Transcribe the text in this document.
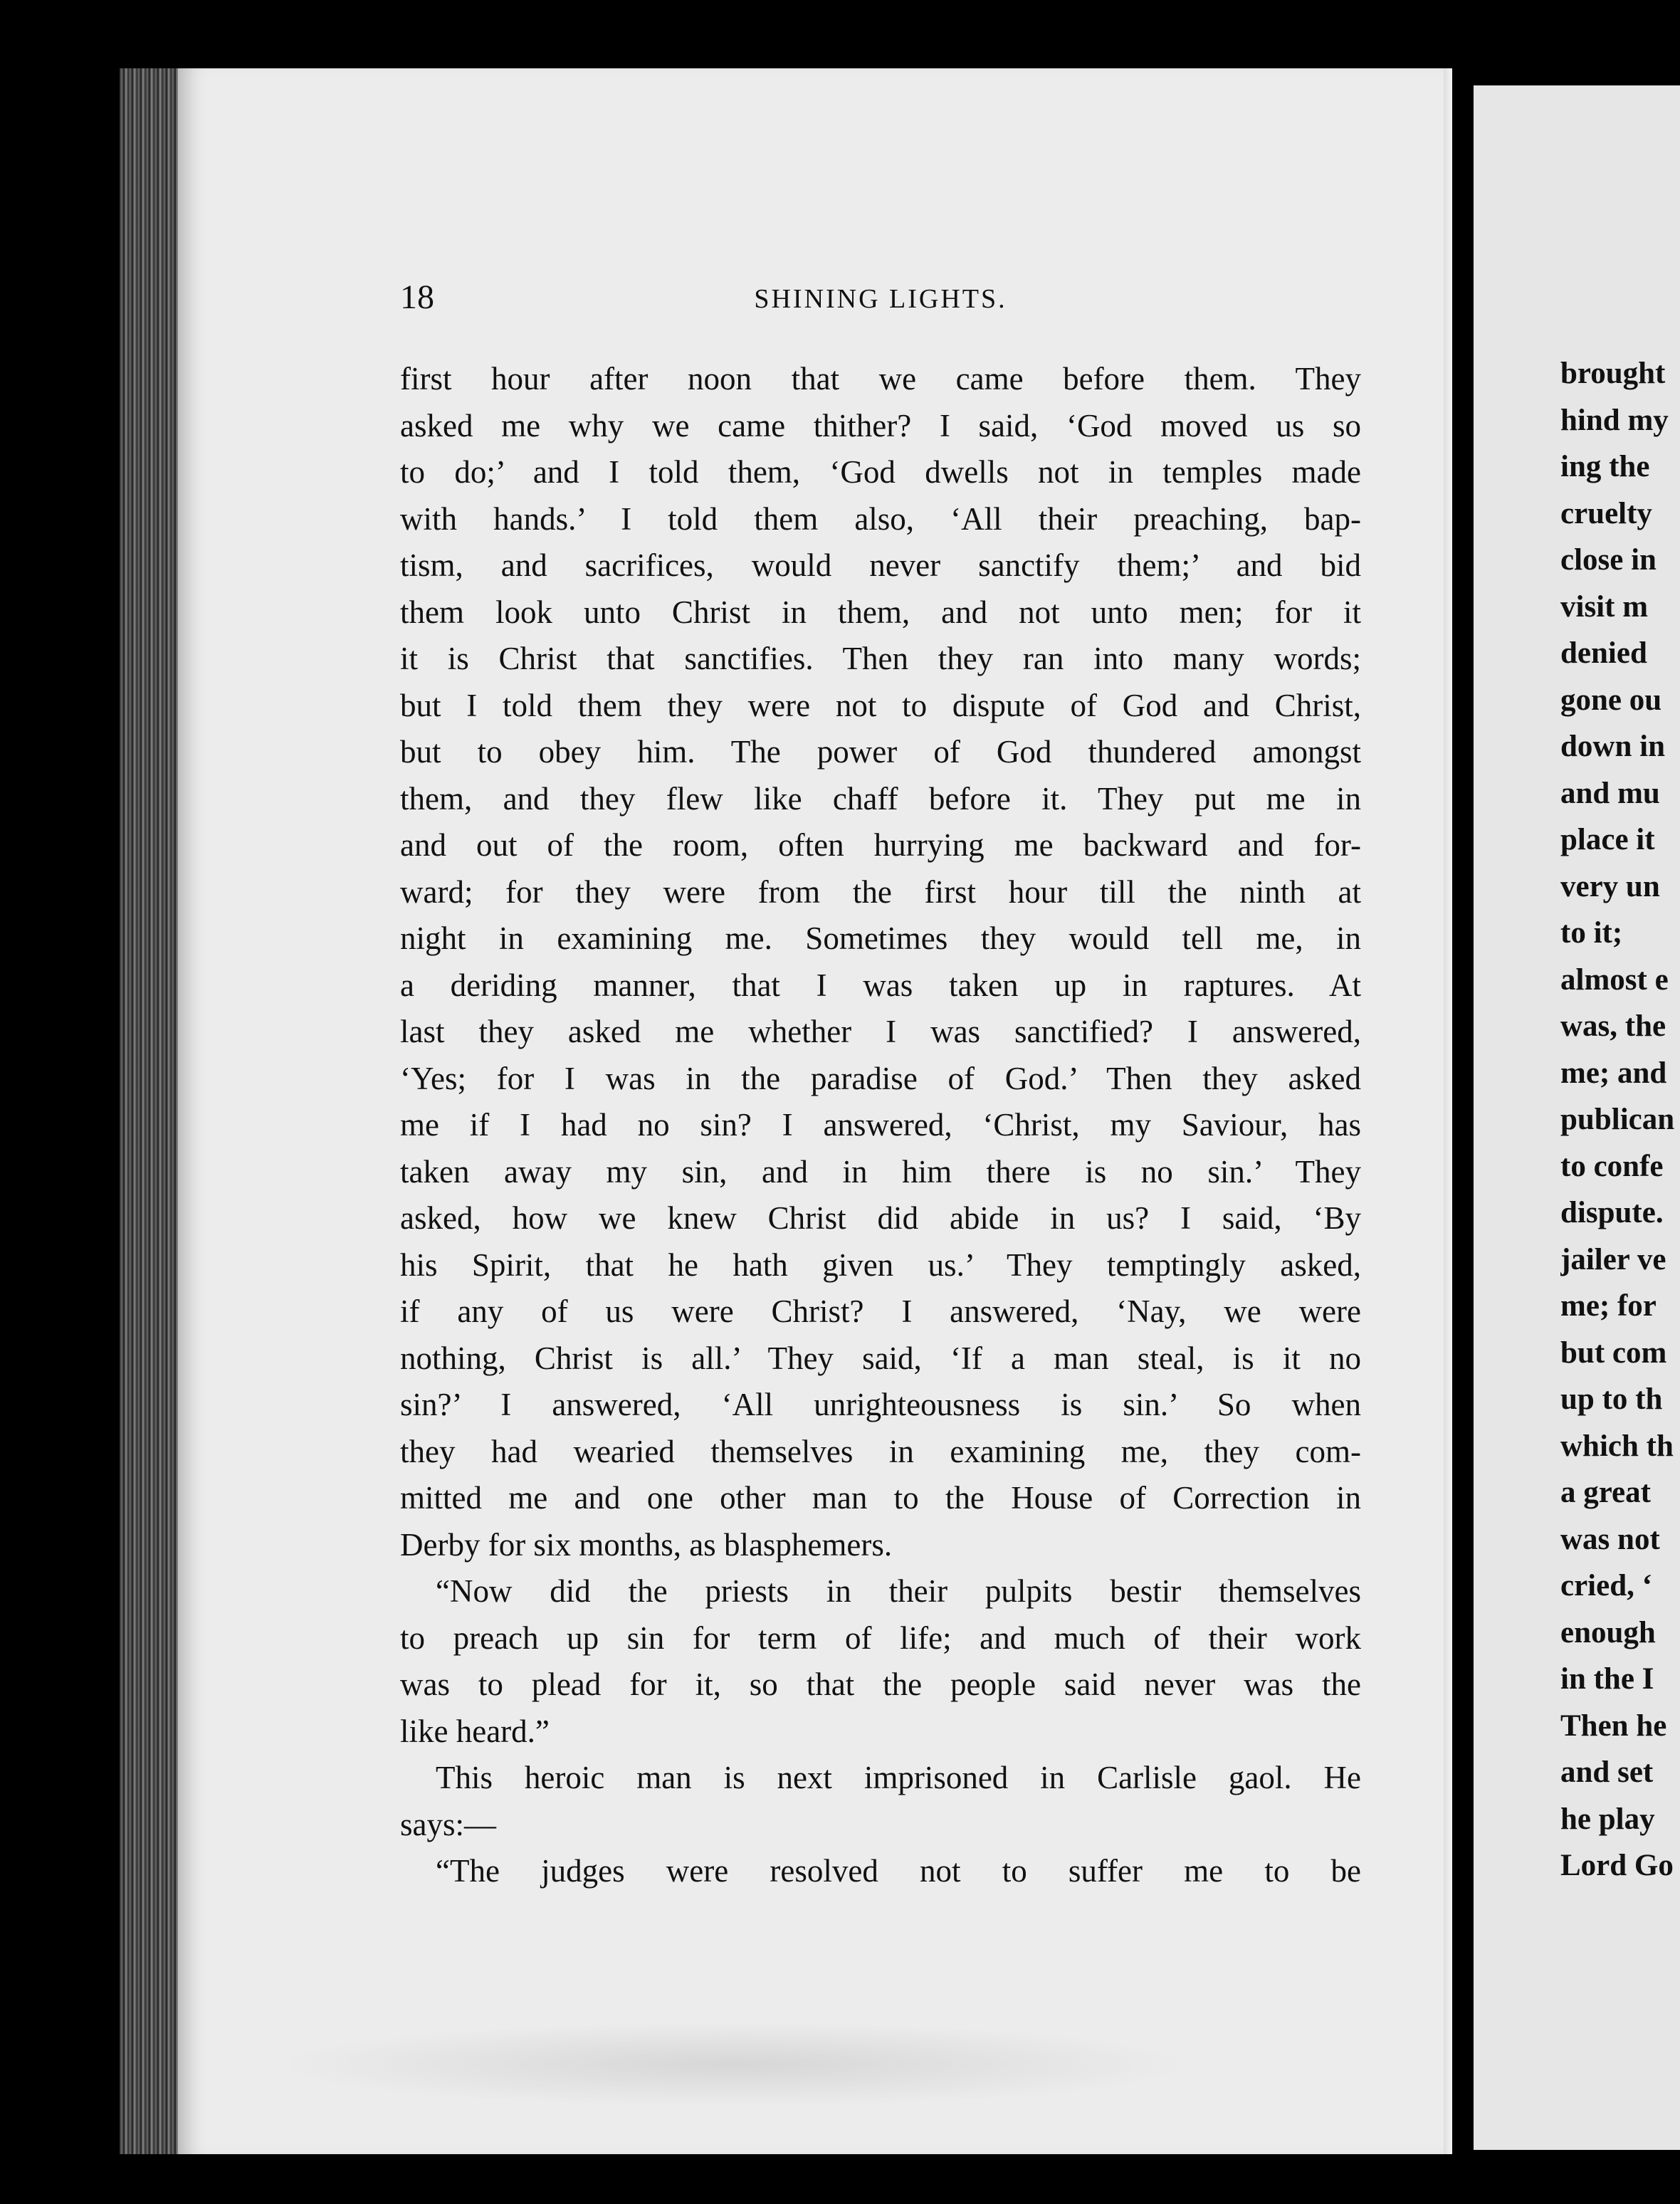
18	SHINING LIGHTS.
first hour after noon that we came before them. They
asked me why we came thither? I said, ‘God moved us so
to do;’ and I told them, ‘God dwells not in temples made
with hands.’ I told them also, ‘All their preaching, bap-
tism, and sacrifices, would never sanctify them;’ and bid
them look unto Christ in them, and not unto men; for it
it is Christ that sanctifies. Then they ran into many words;
but I told them they were not to dispute of God and Christ,
but to obey him. The power of God thundered amongst
them, and they flew like chaff before it. They put me in
and out of the room, often hurrying me backward and for-
ward; for they were from the first hour till the ninth at
night in examining me. Sometimes they would tell me, in
a deriding manner, that I was taken up in raptures. At
last they asked me whether I was sanctified? I answered,
‘Yes; for I was in the paradise of God.’ Then they asked
me if I had no sin? I answered, ‘Christ, my Saviour, has
taken away my sin, and in him there is no sin.’ They
asked, how we knew Christ did abide in us? I said, ‘By
his Spirit, that he hath given us.’ They temptingly asked,
if any of us were Christ? I answered, ‘Nay, we were
nothing, Christ is all.’ They said, ‘If a man steal, is it no
sin?’ I answered, ‘All unrighteousness is sin.’ So when
they had wearied themselves in examining me, they com-
mitted me and one other man to the House of Correction in
Derby for six months, as blasphemers.
“Now did the priests in their pulpits bestir themselves
to preach up sin for term of life; and much of their work
was to plead for it, so that the people said never was the
like heard.”
This heroic man is next imprisoned in Carlisle gaol. He
says:—
“The judges were resolved not to suffer me to be
brought
hind my
ing the
cruelty
close in
visit m
denied
gone ou
down in
and mu
place it
very un
to it;
almost e
was, the
me; and
publican
to confe
dispute.
jailer ve
me; for
but com
up to th
which th
a great
was not
cried, ‘
enough
in the I
Then he
and set
he play
Lord Go
